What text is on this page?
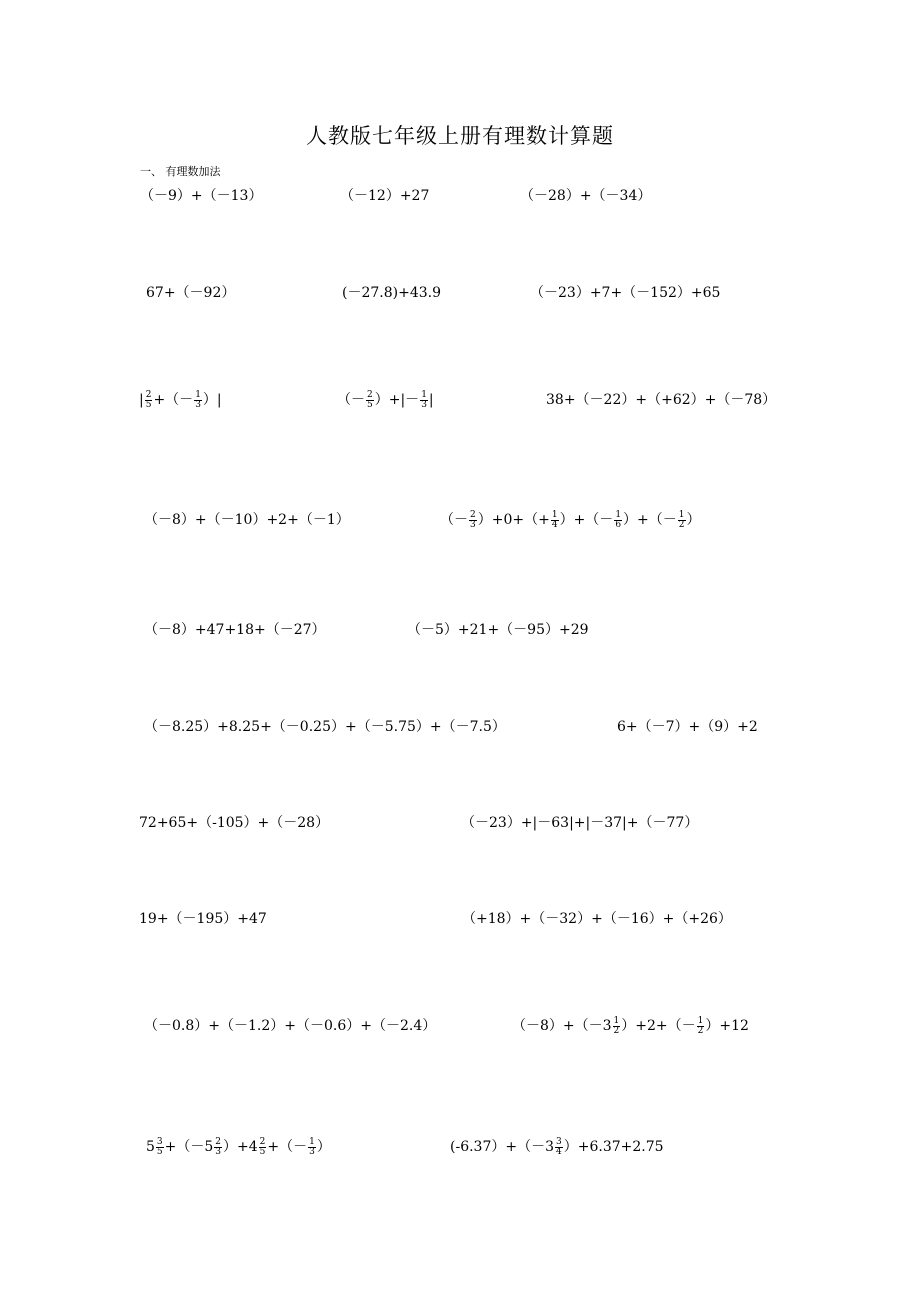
人教版七年级上册有理数计算题
一、 有理数加法
（－9）+（－13）	（－12）+27	（－28）+（－34）
67+（－92）	(－27.8)+43.9	（－23）+7+（－152）+65
| $\frac{2}{5}$ +（－ $\frac{1}{3}$ ）|	（－ $\frac{2}{5}$ ）+|－ $\frac{1}{3}$ |	38+（－22）+（+62）+（－78）
（－8）+（－10）+2+（－1）	（－ $\frac{2}{3} )+0+(+ \frac{1}{4}$ ）+（－ $\frac{1}{6}$ ）+（－ $\frac{1}{2}$ ）
（－8）+47+18+（－27）	（－5）+21+（－95）+29
（－8.25）+8.25+（－0.25）+（－5.75）+（－7.5）	6+（－7）+（9）+2
72+65+（-105）+（－28）	（－23）+|－63|+|－37|+（－77）
19+（－195）+47	（+18）+（－32）+（－16）+（+26）
（－0.8）+（－1.2）+（－0.6）+（－2.4）	$(-8)+(-3 \frac{1}{2} )+2+(- \frac{1}{2} )+12$
$5 \frac{3}{5} +(-5 \frac{2}{3} )+4 \frac{2}{5}$ +（－ $\frac{1}{3}$ ）	$(-6.37)+(-3 \frac{3}{4} )+6.37+2.75$
